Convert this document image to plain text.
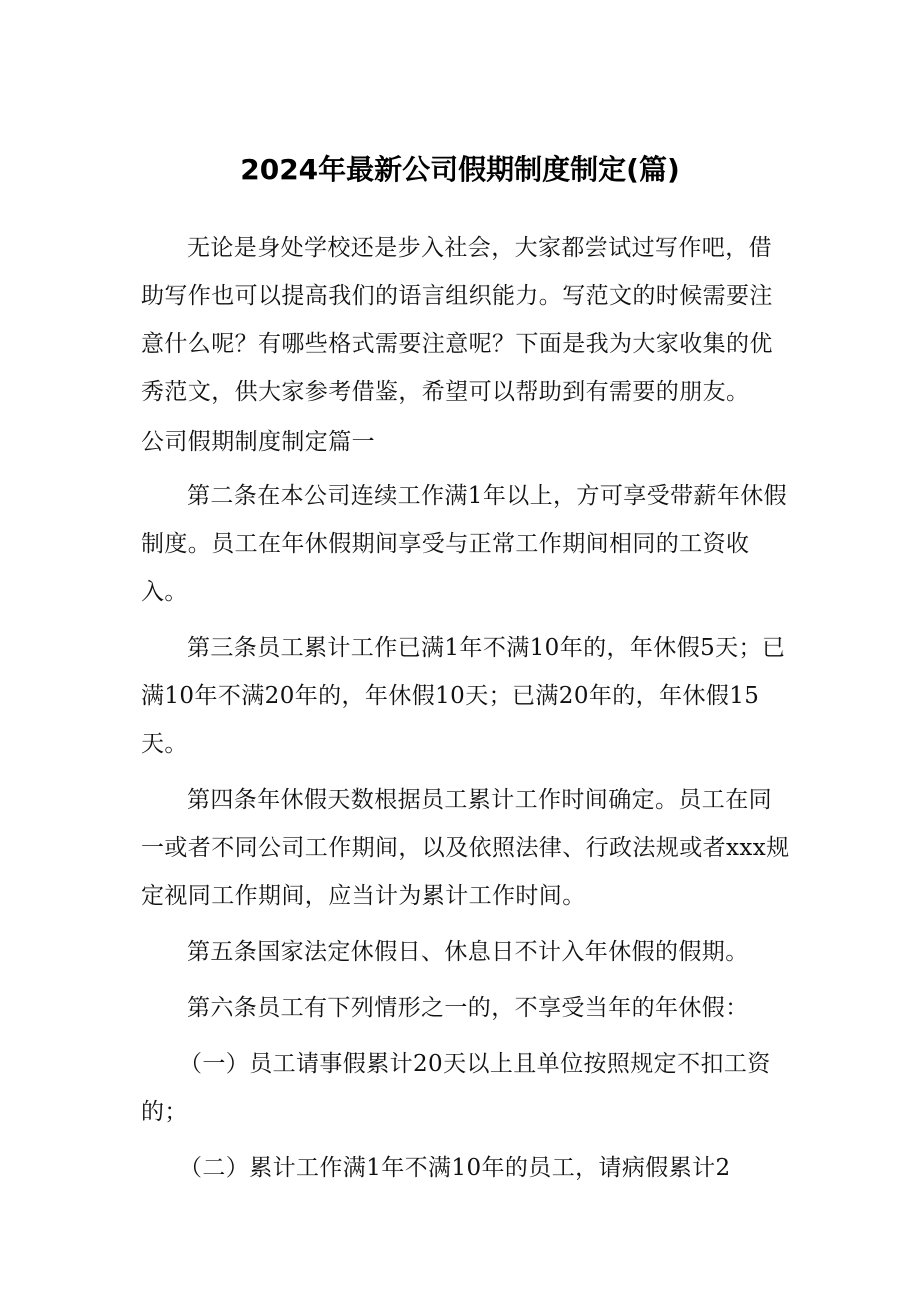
2024年最新公司假期制度制定(篇)

无论是身处学校还是步入社会，大家都尝试过写作吧，借助写作也可以提高我们的语言组织能力。写范文的时候需要注意什么呢？有哪些格式需要注意呢？下面是我为大家收集的优秀范文，供大家参考借鉴，希望可以帮助到有需要的朋友。

公司假期制度制定篇一

第二条在本公司连续工作满1年以上，方可享受带薪年休假制度。员工在年休假期间享受与正常工作期间相同的工资收入。

第三条员工累计工作已满1年不满10年的，年休假5天；已满10年不满20年的，年休假10天；已满20年的，年休假15天。

第四条年休假天数根据员工累计工作时间确定。员工在同一或者不同公司工作期间，以及依照法律、行政法规或者xxx规定视同工作期间，应当计为累计工作时间。

第五条国家法定休假日、休息日不计入年休假的假期。

第六条员工有下列情形之一的，不享受当年的年休假：

（一）员工请事假累计20天以上且单位按照规定不扣工资的；

（二）累计工作满1年不满10年的员工，请病假累计2
